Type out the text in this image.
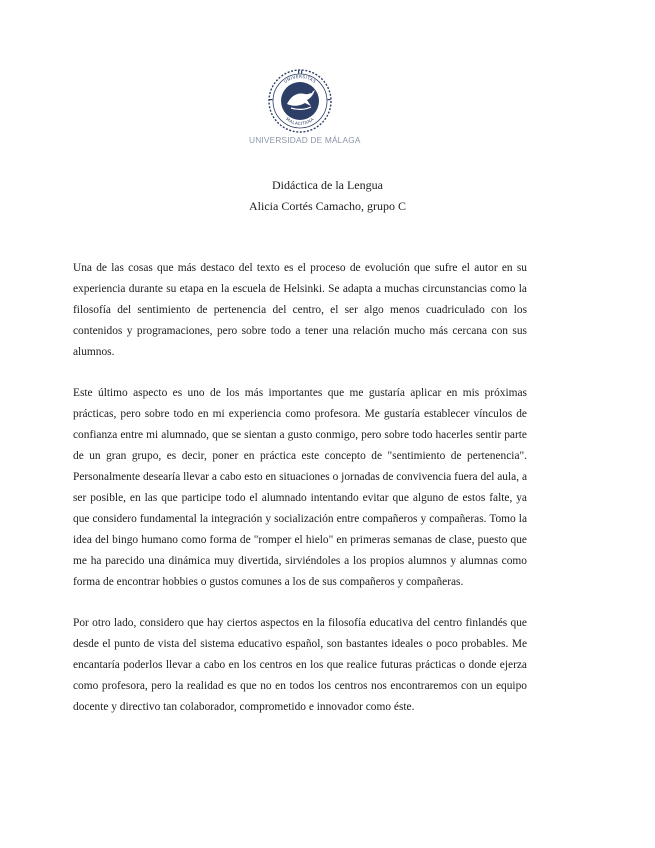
UNIVERSITAS
MALACITANA
UNIVERSIDAD DE MÁLAGA
Didáctica de la Lengua
Alicia Cortés Camacho, grupo C

Una de las cosas que más destaco del texto es el proceso de evolución que sufre el autor en su experiencia durante su etapa en la escuela de Helsinki. Se adapta a muchas circunstancias como la filosofía del sentimiento de pertenencia del centro, el ser algo menos cuadriculado con los contenidos y programaciones, pero sobre todo a tener una relación mucho más cercana con sus alumnos.

Este último aspecto es uno de los más importantes que me gustaría aplicar en mis próximas prácticas, pero sobre todo en mi experiencia como profesora. Me gustaría establecer vínculos de confianza entre mi alumnado, que se sientan a gusto conmigo, pero sobre todo hacerles sentir parte de un gran grupo, es decir, poner en práctica este concepto de "sentimiento de pertenencia". Personalmente desearía llevar a cabo esto en situaciones o jornadas de convivencia fuera del aula, a ser posible, en las que participe todo el alumnado intentando evitar que alguno de estos falte, ya que considero fundamental la integración y socialización entre compañeros y compañeras. Tomo la idea del bingo humano como forma de "romper el hielo" en primeras semanas de clase, puesto que me ha parecido una dinámica muy divertida, sirviéndoles a los propios alumnos y alumnas como forma de encontrar hobbies o gustos comunes a los de sus compañeros y compañeras.

Por otro lado, considero que hay ciertos aspectos en la filosofía educativa del centro finlandés que desde el punto de vista del sistema educativo español, son bastantes ideales o poco probables. Me encantaría poderlos llevar a cabo en los centros en los que realice futuras prácticas o donde ejerza como profesora, pero la realidad es que no en todos los centros nos encontraremos con un equipo docente y directivo tan colaborador, comprometido e innovador como éste.
